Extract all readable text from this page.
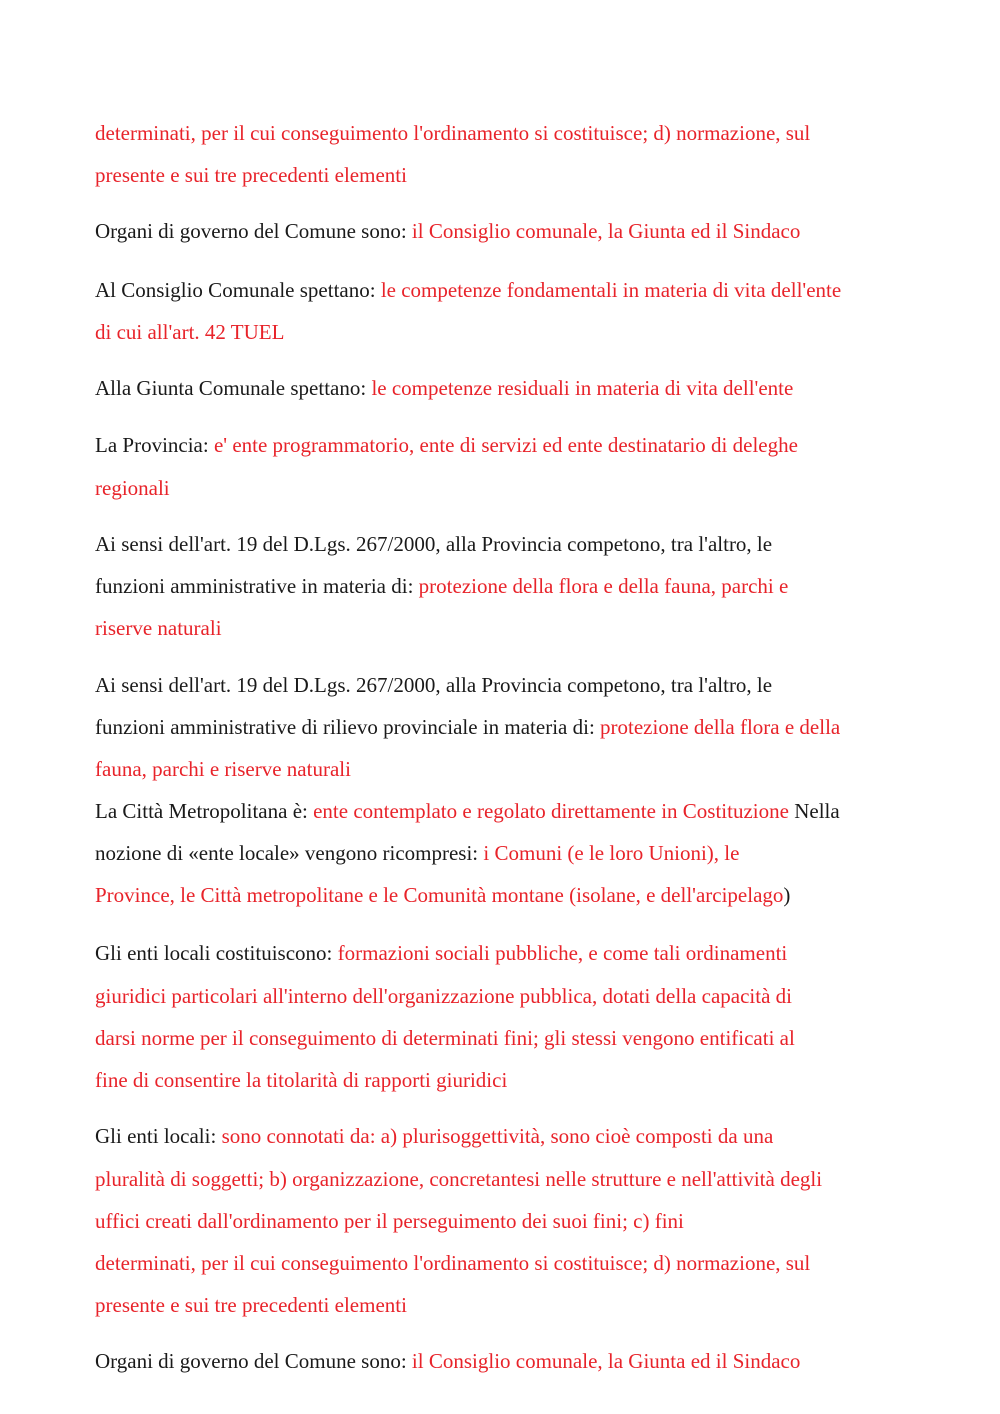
determinati, per il cui conseguimento l'ordinamento si costituisce; d) normazione, sul

presente e sui tre precedenti elementi

Organi di governo del Comune sono: il Consiglio comunale, la Giunta ed il Sindaco

Al Consiglio Comunale spettano: le competenze fondamentali in materia di vita dell'ente

di cui all'art. 42 TUEL

Alla Giunta Comunale spettano: le competenze residuali in materia di vita dell'ente

La Provincia: e' ente programmatorio, ente di servizi ed ente destinatario di deleghe

regionali

Ai sensi dell'art. 19 del D.Lgs. 267/2000, alla Provincia competono, tra l'altro, le

funzioni amministrative in materia di: protezione della flora e della fauna, parchi e

riserve naturali

Ai sensi dell'art. 19 del D.Lgs. 267/2000, alla Provincia competono, tra l'altro, le

funzioni amministrative di rilievo provinciale in materia di: protezione della flora e della

fauna, parchi e riserve naturali

La Città Metropolitana è: ente contemplato e regolato direttamente in Costituzione Nella

nozione di «ente locale» vengono ricompresi: i Comuni (e le loro Unioni), le

Province, le Città metropolitane e le Comunità montane (isolane, e dell'arcipelago)

Gli enti locali costituiscono: formazioni sociali pubbliche, e come tali ordinamenti

giuridici particolari all'interno dell'organizzazione pubblica, dotati della capacità di

darsi norme per il conseguimento di determinati fini; gli stessi vengono entificati al

fine di consentire la titolarità di rapporti giuridici

Gli enti locali: sono connotati da: a) plurisoggettività, sono cioè composti da una

pluralità di soggetti; b) organizzazione, concretantesi nelle strutture e nell'attività degli

uffici creati dall'ordinamento per il perseguimento dei suoi fini; c) fini

determinati, per il cui conseguimento l'ordinamento si costituisce; d) normazione, sul

presente e sui tre precedenti elementi

Organi di governo del Comune sono: il Consiglio comunale, la Giunta ed il Sindaco
